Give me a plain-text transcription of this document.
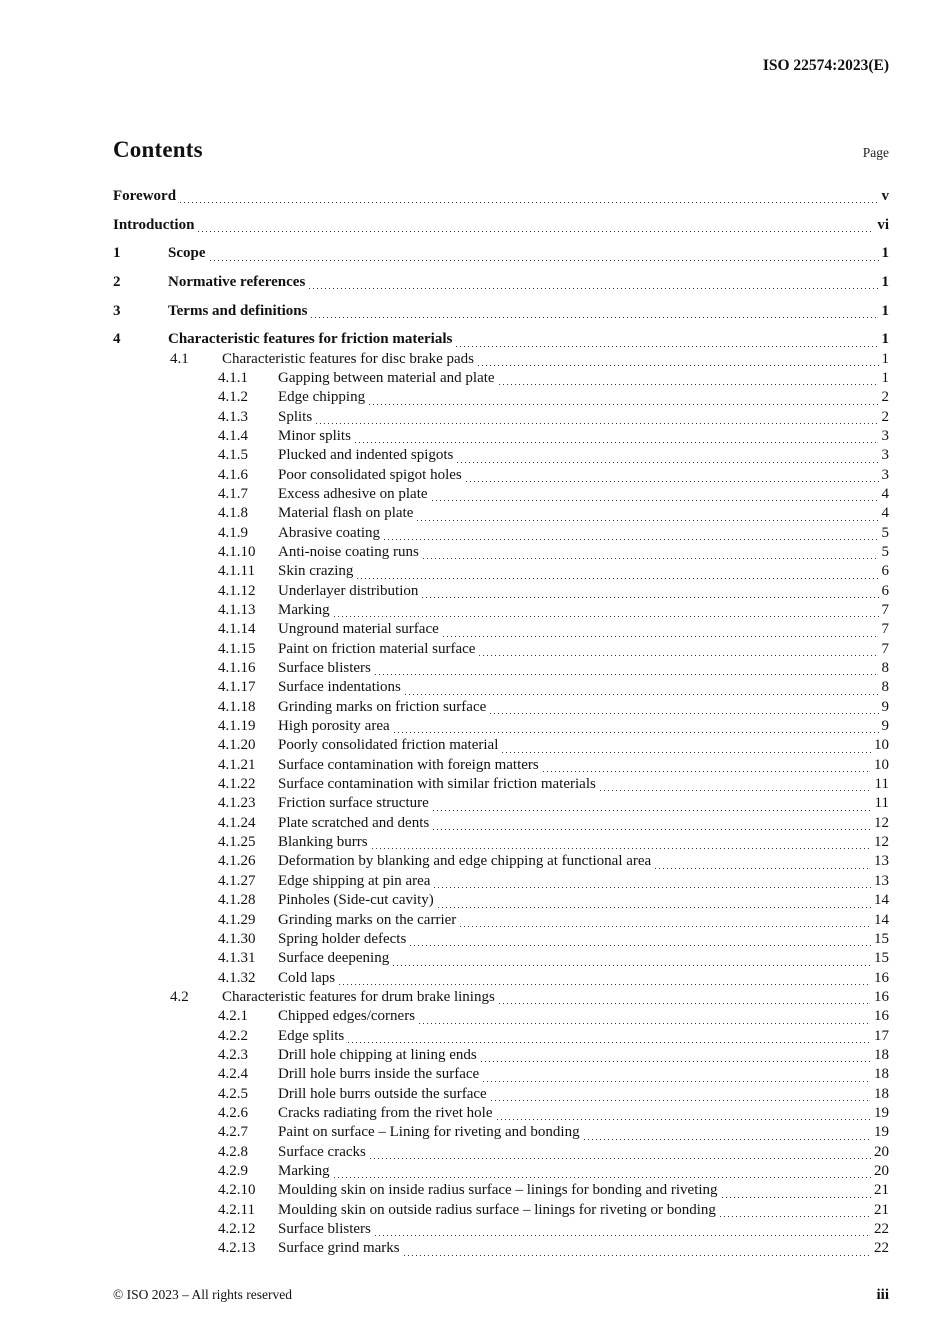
ISO 22574:2023(E)
Contents	Page
Foreword	v
Introduction	vi
1	Scope	1
2	Normative references	1
3	Terms and definitions	1
4	Characteristic features for friction materials	1
4.1	Characteristic features for disc brake pads	1
4.1.1	Gapping between material and plate	1
4.1.2	Edge chipping	2
4.1.3	Splits	2
4.1.4	Minor splits	3
4.1.5	Plucked and indented spigots	3
4.1.6	Poor consolidated spigot holes	3
4.1.7	Excess adhesive on plate	4
4.1.8	Material flash on plate	4
4.1.9	Abrasive coating	5
4.1.10	Anti-noise coating runs	5
4.1.11	Skin crazing	6
4.1.12	Underlayer distribution	6
4.1.13	Marking	7
4.1.14	Unground material surface	7
4.1.15	Paint on friction material surface	7
4.1.16	Surface blisters	8
4.1.17	Surface indentations	8
4.1.18	Grinding marks on friction surface	9
4.1.19	High porosity area	9
4.1.20	Poorly consolidated friction material	10
4.1.21	Surface contamination with foreign matters	10
4.1.22	Surface contamination with similar friction materials	11
4.1.23	Friction surface structure	11
4.1.24	Plate scratched and dents	12
4.1.25	Blanking burrs	12
4.1.26	Deformation by blanking and edge chipping at functional area	13
4.1.27	Edge shipping at pin area	13
4.1.28	Pinholes (Side-cut cavity)	14
4.1.29	Grinding marks on the carrier	14
4.1.30	Spring holder defects	15
4.1.31	Surface deepening	15
4.1.32	Cold laps	16
4.2	Characteristic features for drum brake linings	16
4.2.1	Chipped edges/corners	16
4.2.2	Edge splits	17
4.2.3	Drill hole chipping at lining ends	18
4.2.4	Drill hole burrs inside the surface	18
4.2.5	Drill hole burrs outside the surface	18
4.2.6	Cracks radiating from the rivet hole	19
4.2.7	Paint on surface – Lining for riveting and bonding	19
4.2.8	Surface cracks	20
4.2.9	Marking	20
4.2.10	Moulding skin on inside radius surface – linings for bonding and riveting	21
4.2.11	Moulding skin on outside radius surface – linings for riveting or bonding	21
4.2.12	Surface blisters	22
4.2.13	Surface grind marks	22
© ISO 2023 – All rights reserved	iii
